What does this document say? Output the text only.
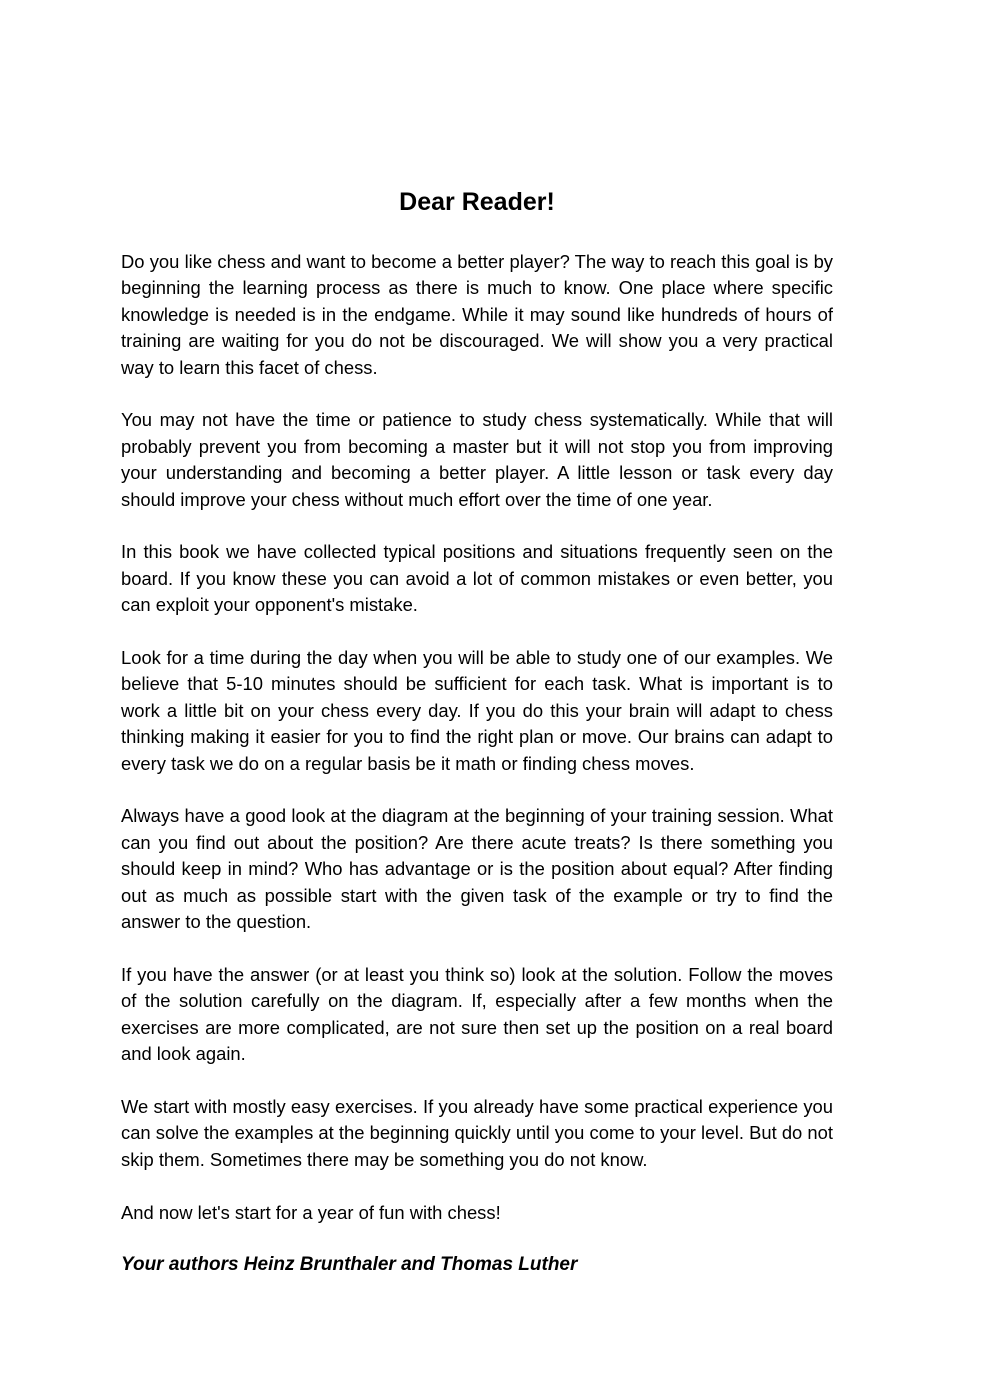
Dear Reader!

Do you like chess and want to become a better player? The way to reach this goal is by beginning the learning process as there is much to know. One place where specific knowledge is needed is in the endgame. While it may sound like hundreds of hours of training are waiting for you do not be discouraged. We will show you a very practical way to learn this facet of chess.

You may not have the time or patience to study chess systematically. While that will probably prevent you from becoming a master but it will not stop you from improving your understanding and becoming a better player. A little lesson or task every day should improve your chess without much effort over the time of one year.

In this book we have collected typical positions and situations frequently seen on the board. If you know these you can avoid a lot of common mistakes or even better, you can exploit your opponent's mistake.

Look for a time during the day when you will be able to study one of our examples. We believe that 5-10 minutes should be sufficient for each task. What is important is to work a little bit on your chess every day. If you do this your brain will adapt to chess thinking making it easier for you to find the right plan or move. Our brains can adapt to every task we do on a regular basis be it math or finding chess moves.

Always have a good look at the diagram at the beginning of your training session. What can you find out about the position? Are there acute treats? Is there something you should keep in mind? Who has advantage or is the position about equal? After finding out as much as possible start with the given task of the example or try to find the answer to the question.

If you have the answer (or at least you think so) look at the solution. Follow the moves of the solution carefully on the diagram. If, especially after a few months when the exercises are more complicated, are not sure then set up the position on a real board and look again.

We start with mostly easy exercises. If you already have some practical experience you can solve the examples at the beginning quickly until you come to your level. But do not skip them. Sometimes there may be something you do not know.

And now let's start for a year of fun with chess!

Your authors Heinz Brunthaler and Thomas Luther
